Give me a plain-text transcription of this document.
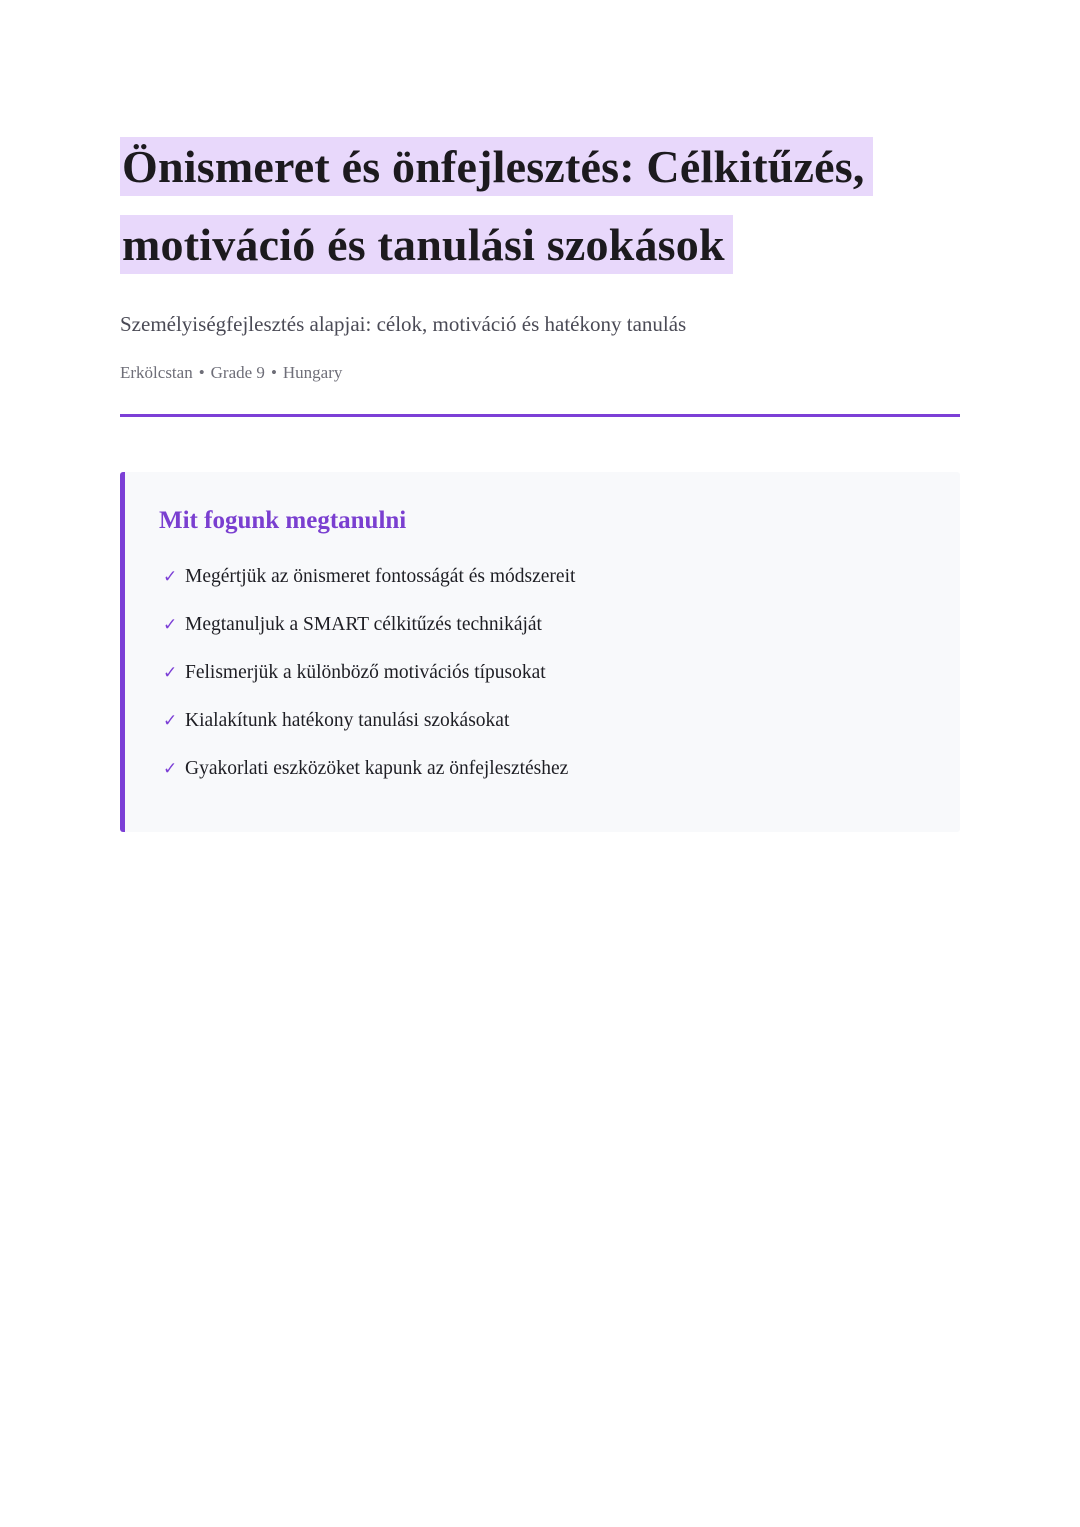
Önismeret és önfejlesztés: Célkitűzés,
motiváció és tanulási szokások

Személyiségfejlesztés alapjai: célok, motiváció és hatékony tanulás

Erkölcstan • Grade 9 • Hungary

Mit fogunk megtanulni
✓ Megértjük az önismeret fontosságát és módszereit
✓ Megtanuljuk a SMART célkitűzés technikáját
✓ Felismerjük a különböző motivációs típusokat
✓ Kialakítunk hatékony tanulási szokásokat
✓ Gyakorlati eszközöket kapunk az önfejlesztéshez
